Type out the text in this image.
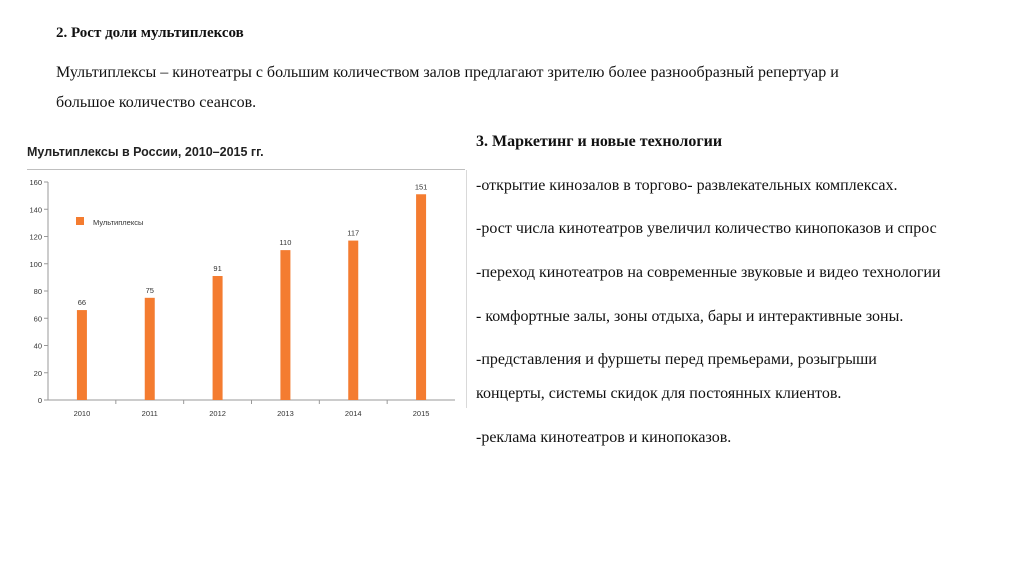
2. Рост доли мультиплексов
Мультиплексы – кинотеатры с большим количеством залов предлагают зрителю более разнообразный репертуар и
большое количество сеансов.
Мультиплексы в России, 2010–2015 гг.
0
20
40
60
80
100
120
140
160
66
2010
75
2011
91
2012
110
2013
117
2014
151
2015
Мультиплексы
3. Маркетинг и новые технологии
-открытие кинозалов в торгово- развлекательных комплексах.
-рост числа кинотеатров увеличил количество кинопоказов и спрос
-переход кинотеатров на современные звуковые и видео технологии
- комфортные залы, зоны отдыха, бары и интерактивные зоны.
-представления и фуршеты перед премьерами, розыгрыши
концерты, системы скидок для постоянных клиентов.
-реклама кинотеатров и кинопоказов.
